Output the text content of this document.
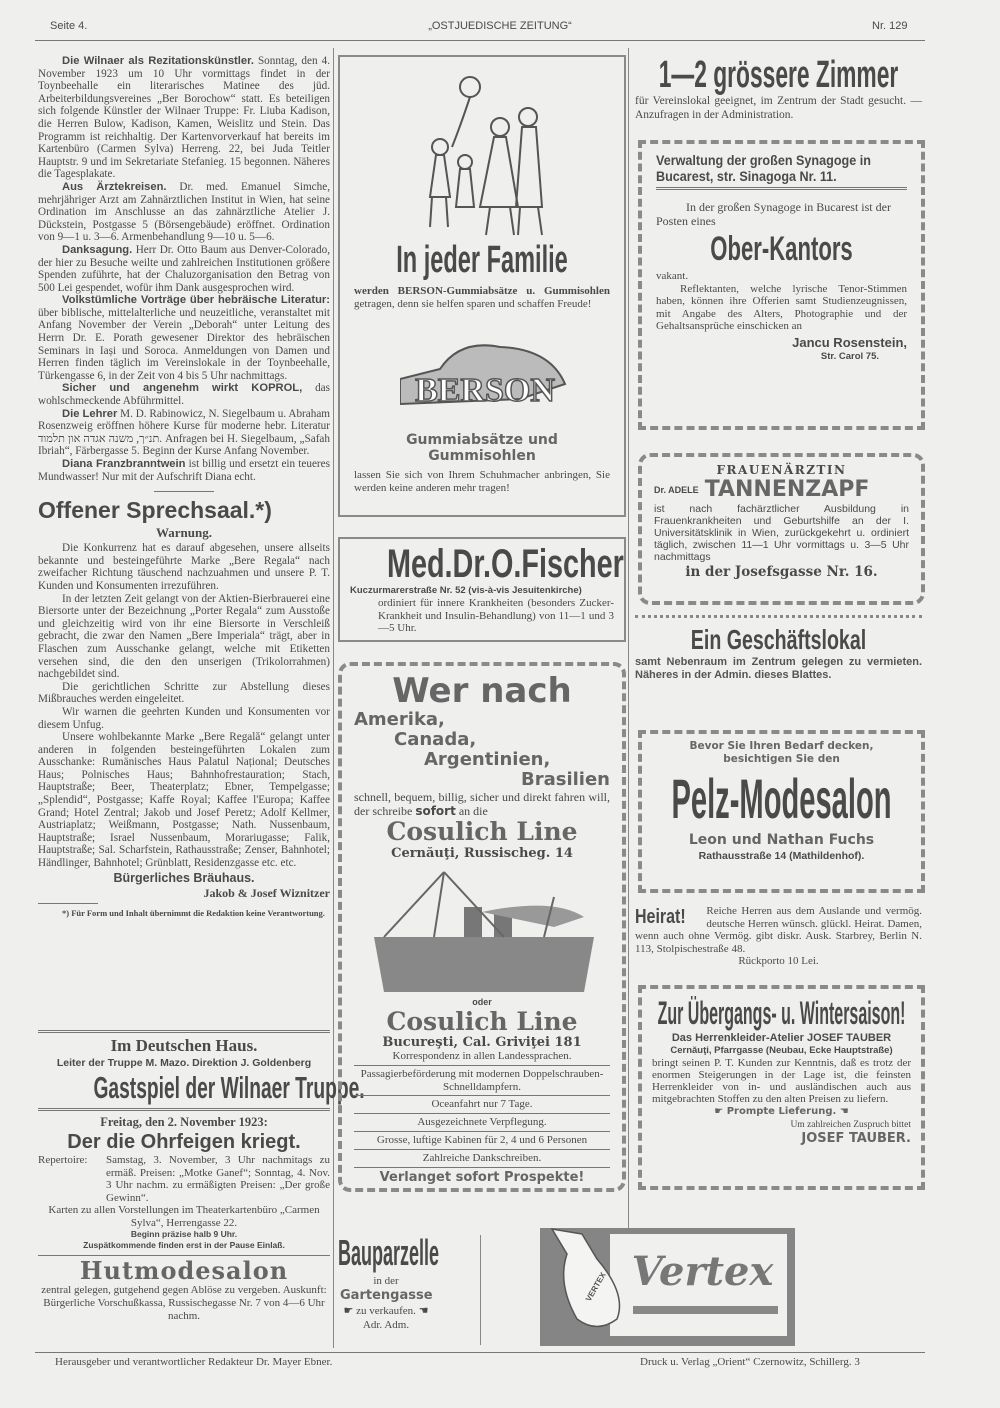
Seite 4.	„OSTJUEDISCHE ZEITUNG“	Nr. 129

Die Wilnaer als Rezitationskünstler. Sonntag, den 4. November 1923 um 10 Uhr vormittags findet in der Toynbeehalle ein literarisches Matinee des jüd. Arbeiterbildungsvereines „Ber Borochow“ statt. Es beteiligen sich folgende Künstler der Wilnaer Truppe: Fr. Liuba Kadison, die Herren Bulow, Kadison, Kamen, Weislitz und Stein. Das Programm ist reichhaltig. Der Kartenvorverkauf hat bereits im Kartenbüro (Carmen Sylva) Herreng. 22, bei Juda Teitler Hauptstr. 9 und im Sekretariate Stefanieg. 15 begonnen. Näheres die Tagesplakate.

Aus Ärztekreisen. Dr. med. Emanuel Simche, mehrjähriger Arzt am Zahnärztlichen Institut in Wien, hat seine Ordination im Anschlusse an das zahnärztliche Atelier J. Dückstein, Postgasse 5 (Börsengebäude) eröffnet. Ordination von 9—1 u. 3—6. Armenbehandlung 9—10 u. 5—6.

Danksagung. Herr Dr. Otto Baum aus Denver-Colorado, der hier zu Besuche weilte und zahlreichen Institutionen größere Spenden zuführte, hat der Chaluzorganisation den Betrag von 500 Lei gespendet, wofür ihm Dank ausgesprochen wird.

Volkstümliche Vorträge über hebräische Literatur: über biblische, mittelalterliche und neuzeitliche, veranstaltet mit Anfang November der Verein „Deborah“ unter Leitung des Herrn Dr. E. Porath gewesener Direktor des hebräischen Seminars in Iași und Soroca. Anmeldungen von Damen und Herren finden täglich im Vereinslokale in der Toynbeehalle, Türkengasse 6, in der Zeit von 4 bis 5 Uhr nachmittags.

Sicher und angenehm wirkt KOPROL, das wohlschmeckende Abführmittel.

Die Lehrer M. D. Rabinowicz, N. Siegelbaum u. Abraham Rosenzweig eröffnen höhere Kurse für moderne hebr. Literatur תנ״ך, משנה אגדה און תלמוד. Anfragen bei H. Siegelbaum, „Safah Ibriah“, Färbergasse 5. Beginn der Kurse Anfang November.

Diana Franzbranntwein ist billig und ersetzt ein teueres Mundwasser! Nur mit der Aufschrift Diana echt.

Offener Sprechsaal.*)
Warnung.

Die Konkurrenz hat es darauf abgesehen, unsere allseits bekannte und besteingeführte Marke „Bere Regala“ nach zweifacher Richtung täuschend nachzuahmen und unsere P. T. Kunden und Konsumenten irrezuführen.

In der letzten Zeit gelangt von der Aktien-Bierbrauerei eine Biersorte unter der Bezeichnung „Porter Regala“ zum Ausstoße und gleichzeitig wird von ihr eine Biersorte in Verschleiß gebracht, die zwar den Namen „Bere Imperiala“ trägt, aber in Flaschen zum Ausschanke gelangt, welche mit Etiketten versehen sind, die den den unserigen (Trikolorrahmen) nachgebildet sind.

Die gerichtlichen Schritte zur Abstellung dieses Mißbrauches werden eingeleitet.

Wir warnen die geehrten Kunden und Konsumenten vor diesem Unfug.

Unsere wohlbekannte Marke „Bere Regală“ gelangt unter anderen in folgenden besteingeführten Lokalen zum Ausschanke: Rumänisches Haus Palatul Național; Deutsches Haus; Polnisches Haus; Bahnhofrestauration; Stach, Hauptstraße; Beer, Theaterplatz; Ebner, Tempelgasse; „Splendid“, Postgasse; Kaffe Royal; Kaffee l'Europa; Kaffee Grand; Hotel Zentral; Jakob und Josef Peretz; Adolf Kellmer, Austriaplatz; Weißmann, Postgasse; Nath. Nussenbaum, Hauptstraße; Israel Nussenbaum, Morariugasse; Falik, Hauptstraße; Sal. Scharfstein, Rathausstraße; Zenser, Bahnhotel; Händlinger, Bahnhotel; Grünblatt, Residenzgasse etc. etc.

Bürgerliches Bräuhaus.
Jakob & Josef Wiznitzer

*) Für Form und Inhalt übernimmt die Redaktion keine Verantwortung.

Im Deutschen Haus.
Leiter der Truppe M. Mazo. Direktion J. Goldenberg
Gastspiel der Wilnaer Truppe.
Freitag, den 2. November 1923:
Der die Ohrfeigen kriegt.
Repertoire:	Samstag, 3. November, 3 Uhr nachmitags zu ermäß. Preisen: „Motke Ganef“; Sonntag, 4. Nov. 3 Uhr nachm. zu ermäßigten Preisen: „Der große Gewinn“.
Karten zu allen Vorstellungen im Theaterkartenbüro „Carmen Sylva“, Herrengasse 22.
Beginn präzise halb 9 Uhr.
Zuspätkommende finden erst in der Pause Einlaß.
Hutmodesalon
zentral gelegen, gutgehend gegen Ablöse zu vergeben. Auskunft: Bürgerliche Vorschußkassa, Russischegasse Nr. 7 von 4—6 Uhr nachm.
In jeder Familie
werden BERSON-Gummiabsätze u. Gummisohlen getragen, denn sie helfen sparen und schaffen Freude!
BERSON
Gummiabsätze und
Gummisohlen
lassen Sie sich von Ihrem Schuhmacher anbringen, Sie werden keine anderen mehr tragen!
Med.Dr.O.Fischer
Kuczurmarerstraße Nr. 52 (vis-à-vis Jesuitenkirche)
ordiniert für innere Krankheiten (besonders Zucker-Krankheit und Insulin-Behandlung) von 11—1 und 3—5 Uhr.
Wer nach
Amerika,
Canada,
Argentinien,
Brasilien
schnell, bequem, billig, sicher und direkt fahren will, der schreibe sofort an die
Cosulich Line
Cernăuţi, Russischeg. 14
oder
Cosulich Line
Bucureşti, Cal. Griviţei 181
Korrespondenz in allen Landessprachen.
Passagierbeförderung mit modernen Doppelschrauben-Schnelldampfern.
Oceanfahrt nur 7 Tage.
Ausgezeichnete Verpflegung.
Grosse, luftige Kabinen für 2, 4 und 6 Personen
Zahlreiche Dankschreiben.
Verlanget sofort Prospekte!
Bauparzelle
in der
Gartengasse
☛ zu verkaufen. ☚
Adr. Adm.
VERTEX Vertex
1—2 grössere Zimmer
für Vereinslokal geeignet, im Zentrum der Stadt gesucht. — Anzufragen in der Administration.
Verwaltung der großen Synagoge in Bucarest, str. Sinagoga Nr. 11.
In der großen Synagoge in Bucarest ist der Posten eines
Ober-Kantors
vakant.
Reflektanten, welche lyrische Tenor-Stimmen haben, können ihre Offerien samt Studienzeugnissen, mit Angabe des Alters, Photographie und der Gehaltsansprüche einschicken an
Jancu Rosenstein,
Str. Carol 75.
FRAUENÄRZTIN
Dr. ADELE TANNENZAPF
ist nach fachärztlicher Ausbildung in Frauenkrankheiten und Geburtshilfe an der I. Universitätsklinik in Wien, zurückgekehrt u. ordiniert täglich, zwischen 11—1 Uhr vormittags u. 3—5 Uhr nachmittags
in der Josefsgasse Nr. 16.
Ein Geschäftslokal
samt Nebenraum im Zentrum gelegen zu vermieten. Näheres in der Admin. dieses Blattes.
Bevor Sie Ihren Bedarf decken,
besichtigen Sie den
Pelz-Modesalon
Leon und Nathan Fuchs
Rathausstraße 14 (Mathildenhof).
Heirat! Reiche Herren aus dem Auslande und vermög. deutsche Herren wünsch. glückl. Heirat. Damen, wenn auch ohne Vermög. gibt diskr. Ausk. Starbrey, Berlin N. 113, Stolpischestraße 48.
Rückporto 10 Lei.
Zur Übergangs- u. Wintersaison!
Das Herrenkleider-Atelier JOSEF TAUBER
Cernăuţi, Pfarrgasse (Neubau, Ecke Hauptstraße)
bringt seinen P. T. Kunden zur Kenntnis, daß es trotz der enormen Steigerungen in der Lage ist, die feinsten Herrenkleider von in- und ausländischen auch aus mitgebrachten Stoffen zu den alten Preisen zu liefern.
☛ Prompte Lieferung. ☚
Um zahlreichen Zuspruch bittet
JOSEF TAUBER.
Herausgeber und verantwortlicher Redakteur Dr. Mayer Ebner.	Druck u. Verlag „Orient“ Czernowitz, Schillerg. 3
